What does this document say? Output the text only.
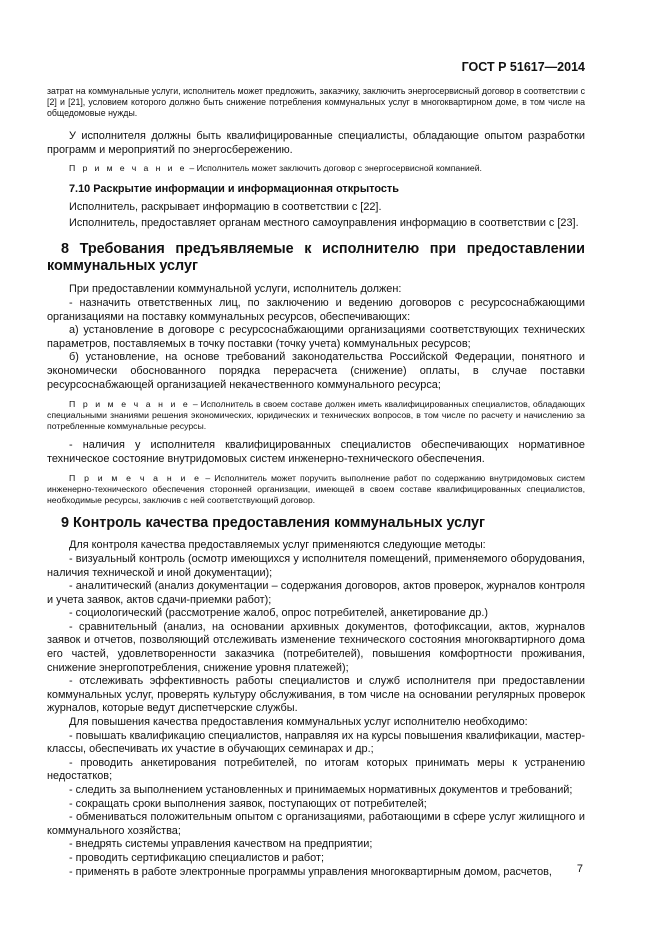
ГОСТ Р 51617—2014

затрат на коммунальные услуги, исполнитель может предложить, заказчику, заключить энергосервисный договор в соответствии с [2] и [21], условием которого должно быть снижение потребления коммунальных услуг в многоквартирном доме, в том числе на общедомовые нужды.

У исполнителя должны быть квалифицированные специалисты, обладающие опытом разработки программ и мероприятий по энергосбережению.

П р и м е ч а н и е – Исполнитель может заключить договор с энергосервисной компанией.

7.10 Раскрытие информации и информационная открытость

Исполнитель, раскрывает информацию в соответствии с [22].

Исполнитель, предоставляет органам местного самоуправления информацию в соответствии с [23].

8 Требования предъявляемые к исполнителю при предоставлении коммунальных услуг

При предоставлении коммунальной услуги, исполнитель должен:

- назначить ответственных лиц, по заключению и ведению договоров с ресурсоснабжающими организациями на поставку коммунальных ресурсов, обеспечивающих:

а) установление в договоре с ресурсоснабжающими организациями соответствующих технических параметров, поставляемых в точку поставки (точку учета) коммунальных ресурсов;

б) установление, на основе требований законодательства Российской Федерации, понятного и экономически обоснованного порядка перерасчета (снижение) оплаты, в случае поставки ресурсоснабжающей организацией некачественного коммунального ресурса;

П р и м е ч а н и е – Исполнитель в своем составе должен иметь квалифицированных специалистов, обладающих специальными знаниями решения экономических, юридических и технических вопросов, в том числе по расчету и начислению за потребленные коммунальные ресурсы.

- наличия у исполнителя квалифицированных специалистов обеспечивающих нормативное техническое состояние внутридомовых систем инженерно-технического обеспечения.

П р и м е ч а н и е – Исполнитель может поручить выполнение работ по содержанию внутридомовых систем инженерно-технического обеспечения сторонней организации, имеющей в своем составе квалифицированных специалистов, необходимые ресурсы, заключив с ней соответствующий договор.

9 Контроль качества предоставления коммунальных услуг

Для контроля качества предоставляемых услуг применяются следующие методы:

- визуальный контроль (осмотр имеющихся у исполнителя помещений, применяемого оборудования, наличия технической и иной документации);

- аналитический (анализ документации – содержания договоров, актов проверок, журналов контроля и учета заявок, актов сдачи-приемки работ);

- социологический (рассмотрение жалоб, опрос потребителей, анкетирование др.)

- сравнительный (анализ, на основании архивных документов, фотофиксации, актов, журналов заявок и отчетов, позволяющий отслеживать изменение технического состояния многоквартирного дома его частей, удовлетворенности заказчика (потребителей), повышения комфортности проживания, снижение энергопотребления, снижение уровня платежей);

- отслеживать эффективность работы специалистов и служб исполнителя при предоставлении коммунальных услуг, проверять культуру обслуживания, в том числе на основании регулярных проверок журналов, которые ведут диспетчерские службы.

Для повышения качества предоставления коммунальных услуг исполнителю необходимо:

- повышать квалификацию специалистов, направляя их на курсы повышения квалификации, мастер-классы, обеспечивать их участие в обучающих семинарах и др.;

- проводить анкетирования потребителей, по итогам которых принимать меры к устранению недостатков;

- следить за выполнением установленных и принимаемых нормативных документов и требований;

- сокращать сроки выполнения заявок, поступающих от потребителей;

- обмениваться положительным опытом с организациями, работающими в сфере услуг жилищного и коммунального хозяйства;

- внедрять системы управления качеством на предприятии;

- проводить сертификацию специалистов и работ;

- применять в работе электронные программы управления многоквартирным домом, расчетов,	7
